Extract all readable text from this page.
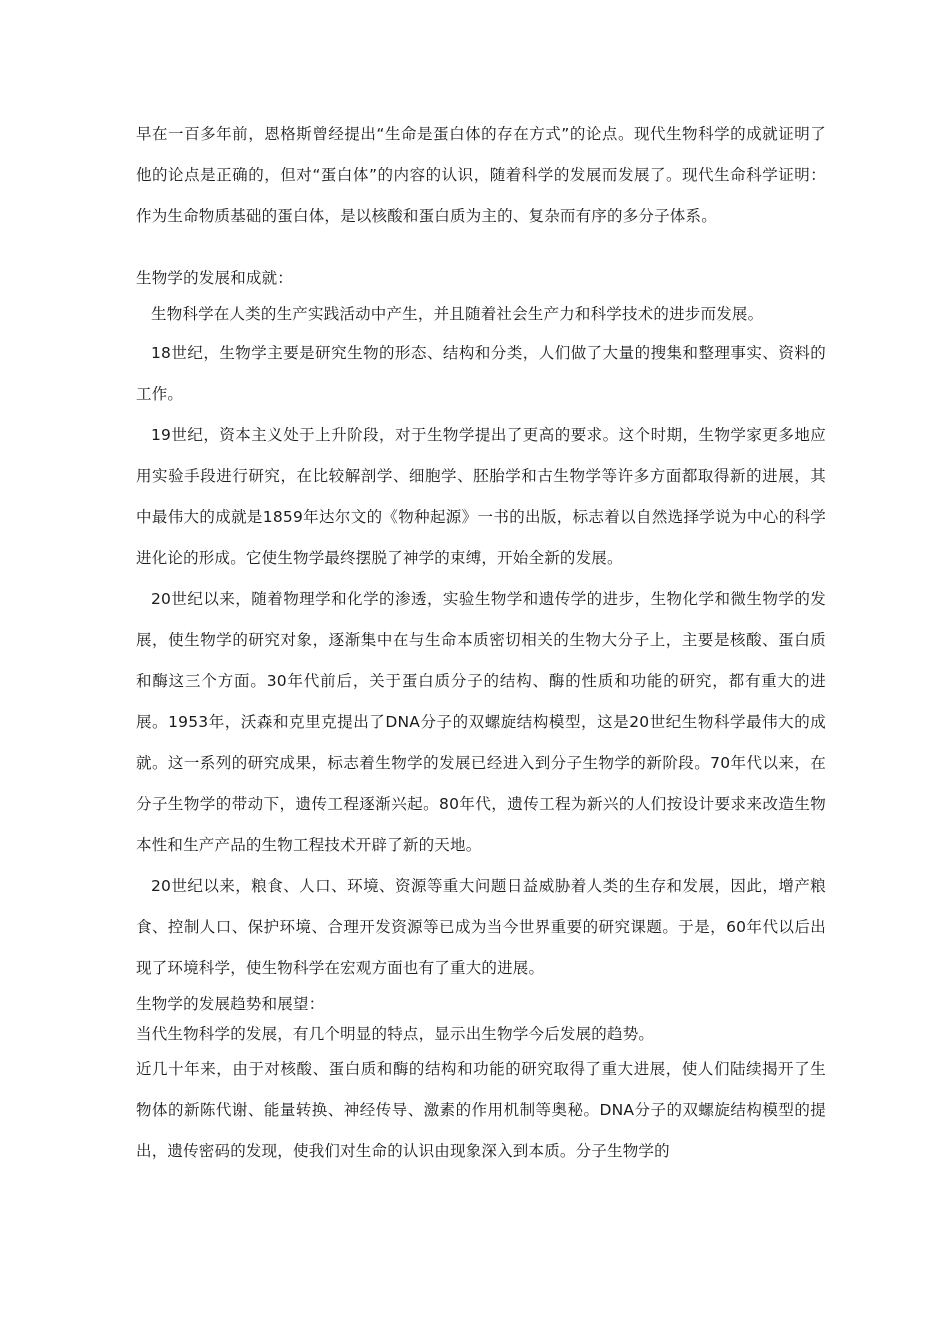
早在一百多年前，恩格斯曾经提出“生命是蛋白体的存在方式”的论点。现代生物科学的成就证明了他的论点是正确的，但对“蛋白体”的内容的认识，随着科学的发展而发展了。现代生命科学证明：作为生命物质基础的蛋白体，是以核酸和蛋白质为主的、复杂而有序的多分子体系。

生物学的发展和成就：

生物科学在人类的生产实践活动中产生，并且随着社会生产力和科学技术的进步而发展。

18世纪，生物学主要是研究生物的形态、结构和分类，人们做了大量的搜集和整理事实、资料的工作。

19世纪，资本主义处于上升阶段，对于生物学提出了更高的要求。这个时期，生物学家更多地应用实验手段进行研究，在比较解剖学、细胞学、胚胎学和古生物学等许多方面都取得新的进展，其中最伟大的成就是1859年达尔文的《物种起源》一书的出版，标志着以自然选择学说为中心的科学进化论的形成。它使生物学最终摆脱了神学的束缚，开始全新的发展。

20世纪以来，随着物理学和化学的渗透，实验生物学和遗传学的进步，生物化学和微生物学的发展，使生物学的研究对象，逐渐集中在与生命本质密切相关的生物大分子上，主要是核酸、蛋白质和酶这三个方面。30年代前后，关于蛋白质分子的结构、酶的性质和功能的研究，都有重大的进展。1953年，沃森和克里克提出了DNA分子的双螺旋结构模型，这是20世纪生物科学最伟大的成就。这一系列的研究成果，标志着生物学的发展已经进入到分子生物学的新阶段。70年代以来，在分子生物学的带动下，遗传工程逐渐兴起。80年代，遗传工程为新兴的人们按设计要求来改造生物本性和生产产品的生物工程技术开辟了新的天地。

20世纪以来，粮食、人口、环境、资源等重大问题日益威胁着人类的生存和发展，因此，增产粮食、控制人口、保护环境、合理开发资源等已成为当今世界重要的研究课题。于是，60年代以后出现了环境科学，使生物科学在宏观方面也有了重大的进展。

生物学的发展趋势和展望：

当代生物科学的发展，有几个明显的特点，显示出生物学今后发展的趋势。

近几十年来，由于对核酸、蛋白质和酶的结构和功能的研究取得了重大进展，使人们陆续揭开了生物体的新陈代谢、能量转换、神经传导、激素的作用机制等奥秘。DNA分子的双螺旋结构模型的提出，遗传密码的发现，使我们对生命的认识由现象深入到本质。分子生物学的
